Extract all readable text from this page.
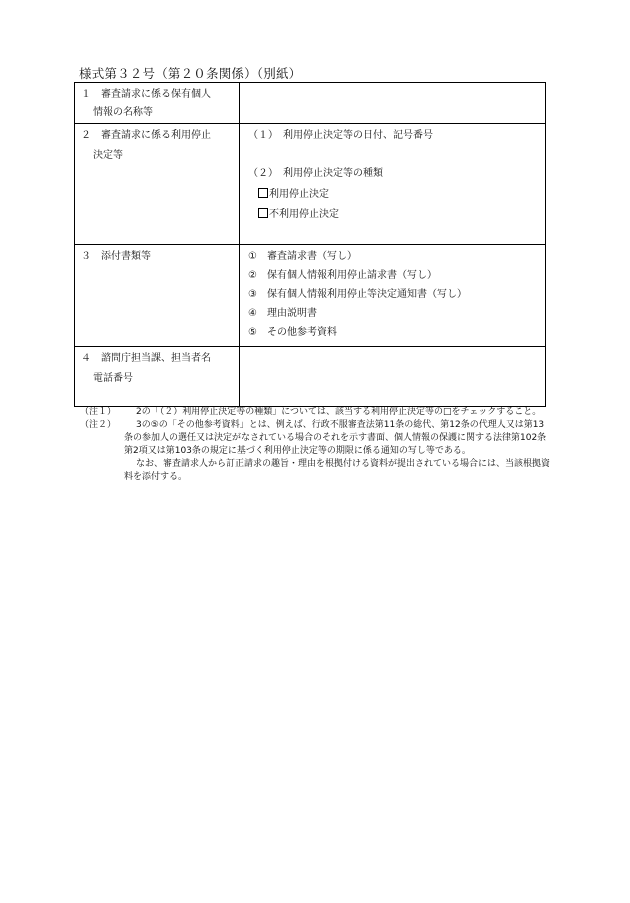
様式第３２号（第２０条関係）（別紙）
１　審査請求に係る保有個人
情報の名称等	

２　審査請求に係る利用停止
決定等	（１）　利用停止決定等の日付、記号番号
（２）　利用停止決定等の種類
利用停止決定
不利用停止決定

３　添付書類等	①　審査請求書（写し）
②　保有個人情報利用停止請求書（写し）
③　保有個人情報利用停止等決定通知書（写し）
④　理由説明書
⑤　その他参考資料

４　諮問庁担当課、担当者名
電話番号	

（注１）	2の「（２）利用停止決定等の種類」については、該当する利用停止決定等の□をチェックすること。

（注２）	3の⑤の「その他参考資料」とは、例えば、行政不服審査法第11条の総代、第12条の代理人又は第13条の参加人の選任又は決定がなされている場合のそれを示す書面、個人情報の保護に関する法律第102条第2項又は第103条の規定に基づく利用停止決定等の期限に係る通知の写し等である。

なお、審査請求人から訂正請求の趣旨・理由を根拠付ける資料が提出されている場合には、当該根拠資料を添付する。
